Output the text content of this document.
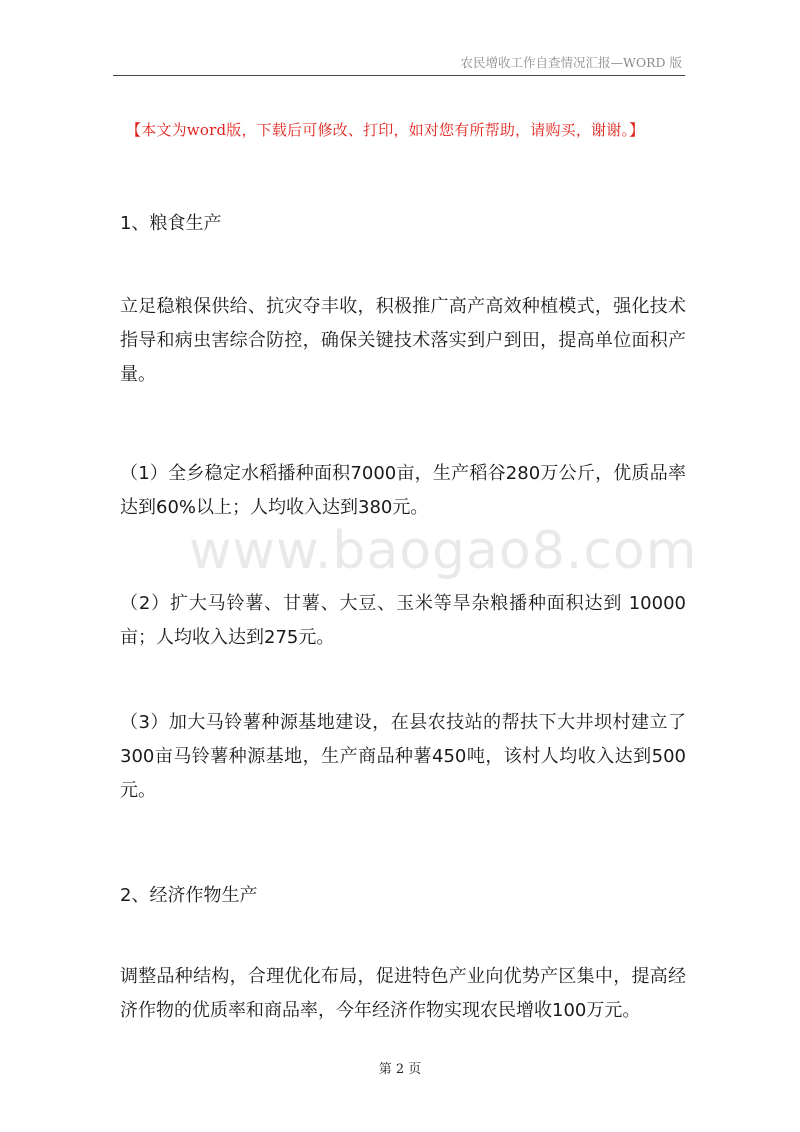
农民增收工作自查情况汇报—WORD 版
【本文为word版，下载后可修改、打印，如对您有所帮助，请购买，谢谢。】
www.baogao8.com
1、粮食生产
立足稳粮保供给、抗灾夺丰收，积极推广高产高效种植模式，强化技术指导和病虫害综合防控，确保关键技术落实到户到田，提高单位面积产量。
（1）全乡稳定水稻播种面积7000亩，生产稻谷280万公斤，优质品率达到60%以上；人均收入达到380元。
（2）扩大马铃薯、甘薯、大豆、玉米等旱杂粮播种面积达到 10000亩；人均收入达到275元。
（3）加大马铃薯种源基地建设，在县农技站的帮扶下大井坝村建立了300亩马铃薯种源基地，生产商品种薯450吨，该村人均收入达到500元。
2、经济作物生产
调整品种结构，合理优化布局，促进特色产业向优势产区集中，提高经济作物的优质率和商品率，今年经济作物实现农民增收100万元。
第 2 页
